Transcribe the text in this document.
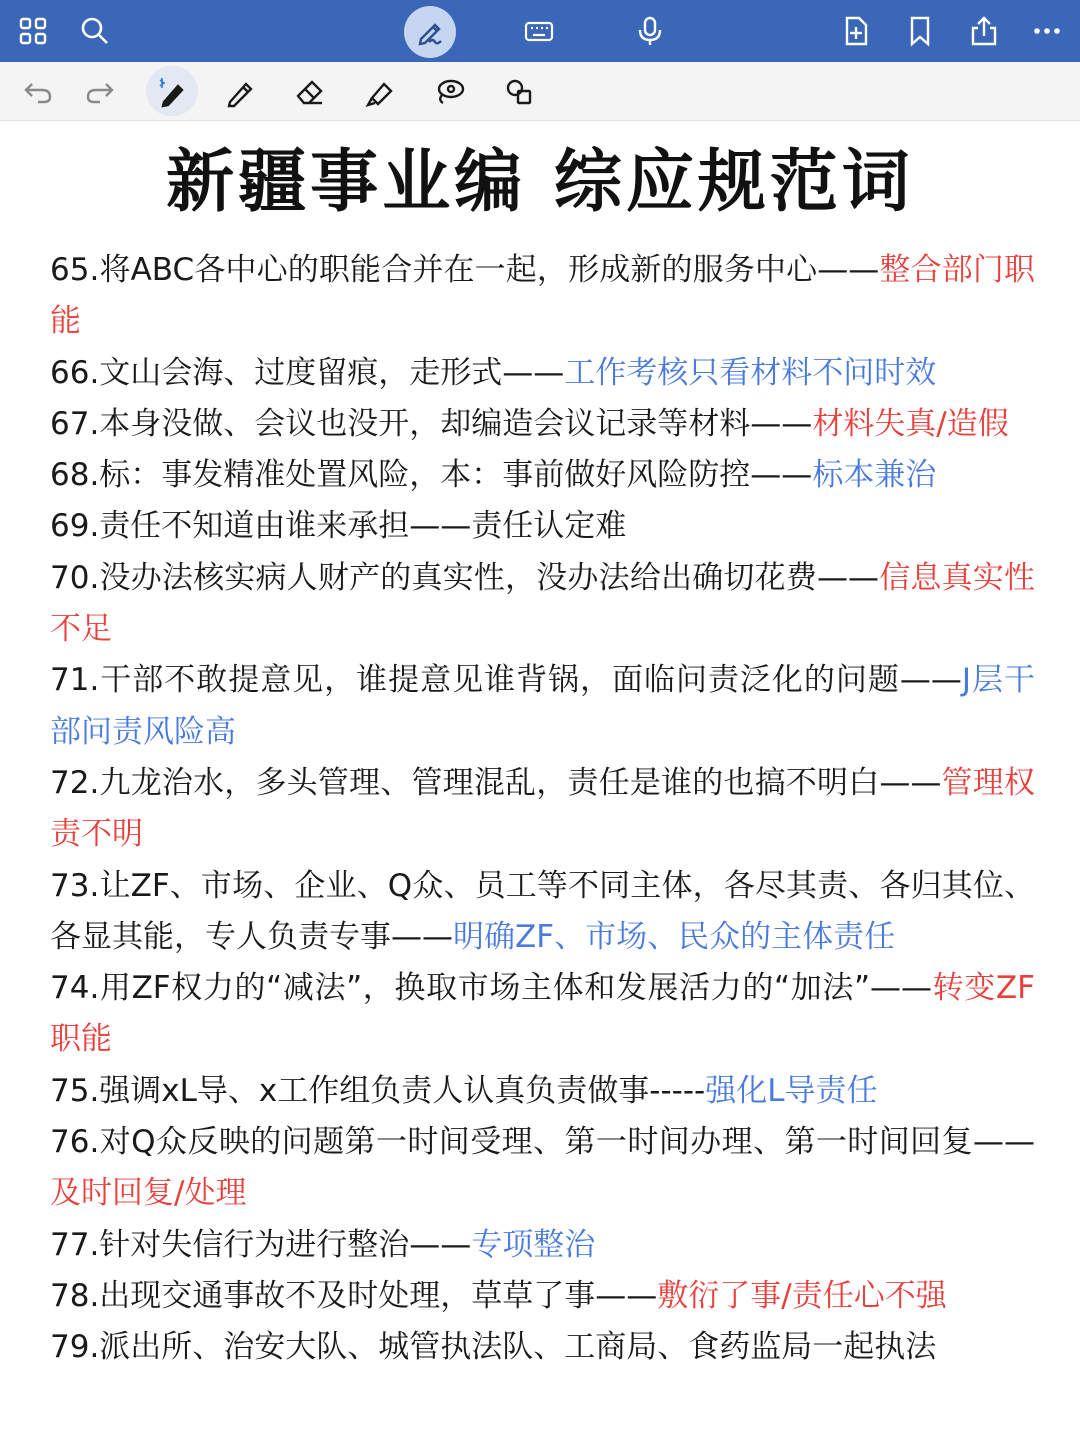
新疆事业编 综应规范词

65.将ABC各中心的职能合并在一起，形成新的服务中心——整合部门职能

66.文山会海、过度留痕，走形式——工作考核只看材料不问时效

67.本身没做、会议也没开，却编造会议记录等材料——材料失真/造假

68.标：事发精准处置风险，本：事前做好风险防控——标本兼治

69.责任不知道由谁来承担——责任认定难

70.没办法核实病人财产的真实性，没办法给出确切花费——信息真实性不足

71.干部不敢提意见，谁提意见谁背锅，面临问责泛化的问题——J层干部问责风险高

72.九龙治水，多头管理、管理混乱，责任是谁的也搞不明白——管理权责不明

73.让ZF、市场、企业、Q众、员工等不同主体，各尽其责、各归其位、各显其能，专人负责专事——明确ZF、市场、民众的主体责任

74.用ZF权力的“减法”，换取市场主体和发展活力的“加法”——转变ZF职能

75.强调xL导、x工作组负责人认真负责做事-----强化L导责任

76.对Q众反映的问题第一时间受理、第一时间办理、第一时间回复——及时回复/处理

77.针对失信行为进行整治——专项整治

78.出现交通事故不及时处理，草草了事——敷衍了事/责任心不强

79.派出所、治安大队、城管执法队、工商局、食药监局一起执法
